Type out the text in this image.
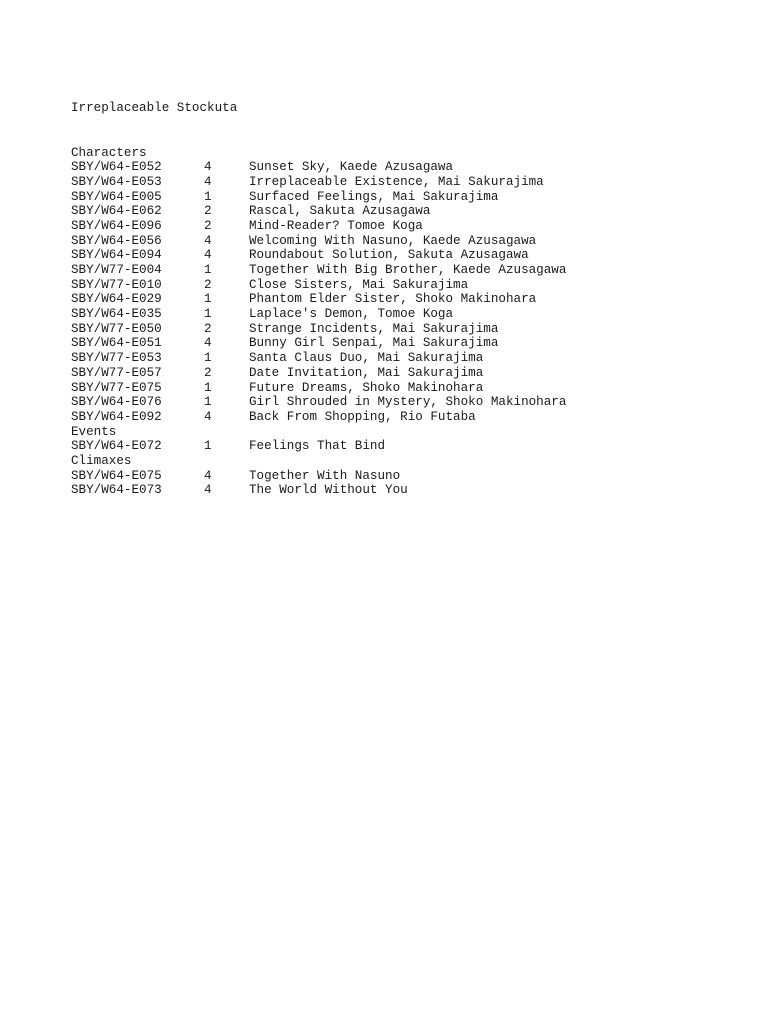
Irreplaceable Stockuta

Characters
SBY/W64-E052	4	Sunset Sky, Kaede Azusagawa
SBY/W64-E053	4	Irreplaceable Existence, Mai Sakurajima
SBY/W64-E005	1	Surfaced Feelings, Mai Sakurajima
SBY/W64-E062	2	Rascal, Sakuta Azusagawa
SBY/W64-E096	2	Mind-Reader? Tomoe Koga
SBY/W64-E056	4	Welcoming With Nasuno, Kaede Azusagawa
SBY/W64-E094	4	Roundabout Solution, Sakuta Azusagawa
SBY/W77-E004	1	Together With Big Brother, Kaede Azusagawa
SBY/W77-E010	2	Close Sisters, Mai Sakurajima
SBY/W64-E029	1	Phantom Elder Sister, Shoko Makinohara
SBY/W64-E035	1	Laplace's Demon, Tomoe Koga
SBY/W77-E050	2	Strange Incidents, Mai Sakurajima
SBY/W64-E051	4	Bunny Girl Senpai, Mai Sakurajima
SBY/W77-E053	1	Santa Claus Duo, Mai Sakurajima
SBY/W77-E057	2	Date Invitation, Mai Sakurajima
SBY/W77-E075	1	Future Dreams, Shoko Makinohara
SBY/W64-E076	1	Girl Shrouded in Mystery, Shoko Makinohara
SBY/W64-E092	4	Back From Shopping, Rio Futaba
Events
SBY/W64-E072	1	Feelings That Bind
Climaxes
SBY/W64-E075	4	Together With Nasuno
SBY/W64-E073	4	The World Without You
